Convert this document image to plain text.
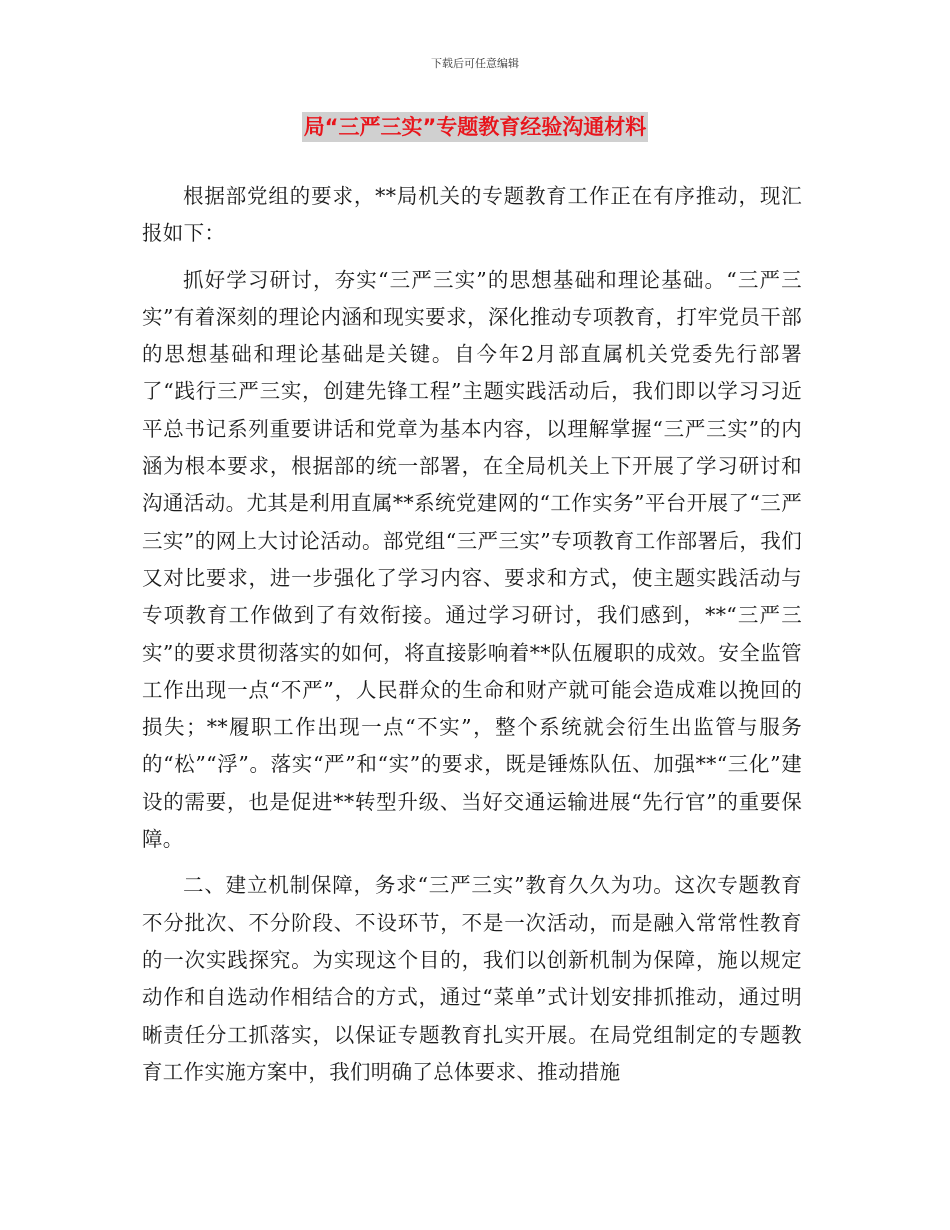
下载后可任意编辑
局“三严三实”专题教育经验沟通材料

根据部党组的要求，**局机关的专题教育工作正在有序推动，现汇报如下：

抓好学习研讨，夯实“三严三实”的思想基础和理论基础。“三严三实”有着深刻的理论内涵和现实要求，深化推动专项教育，打牢党员干部的思想基础和理论基础是关键。自今年2月部直属机关党委先行部署了“践行三严三实，创建先锋工程”主题实践活动后，我们即以学习习近平总书记系列重要讲话和党章为基本内容，以理解掌握“三严三实”的内涵为根本要求，根据部的统一部署，在全局机关上下开展了学习研讨和沟通活动。尤其是利用直属**系统党建网的“工作实务”平台开展了“三严三实”的网上大讨论活动。部党组“三严三实”专项教育工作部署后，我们又对比要求，进一步强化了学习内容、要求和方式，使主题实践活动与专项教育工作做到了有效衔接。通过学习研讨，我们感到，**“三严三实”的要求贯彻落实的如何，将直接影响着**队伍履职的成效。安全监管工作出现一点“不严”，人民群众的生命和财产就可能会造成难以挽回的损失；**履职工作出现一点“不实”，整个系统就会衍生出监管与服务的“松”“浮”。落实“严”和“实”的要求，既是锤炼队伍、加强**“三化”建设的需要，也是促进**转型升级、当好交通运输进展“先行官”的重要保障。

二、建立机制保障，务求“三严三实”教育久久为功。这次专题教育不分批次、不分阶段、不设环节，不是一次活动，而是融入常常性教育的一次实践探究。为实现这个目的，我们以创新机制为保障，施以规定动作和自选动作相结合的方式，通过“菜单”式计划安排抓推动，通过明晰责任分工抓落实，以保证专题教育扎实开展。在局党组制定的专题教育工作实施方案中，我们明确了总体要求、推动措施
